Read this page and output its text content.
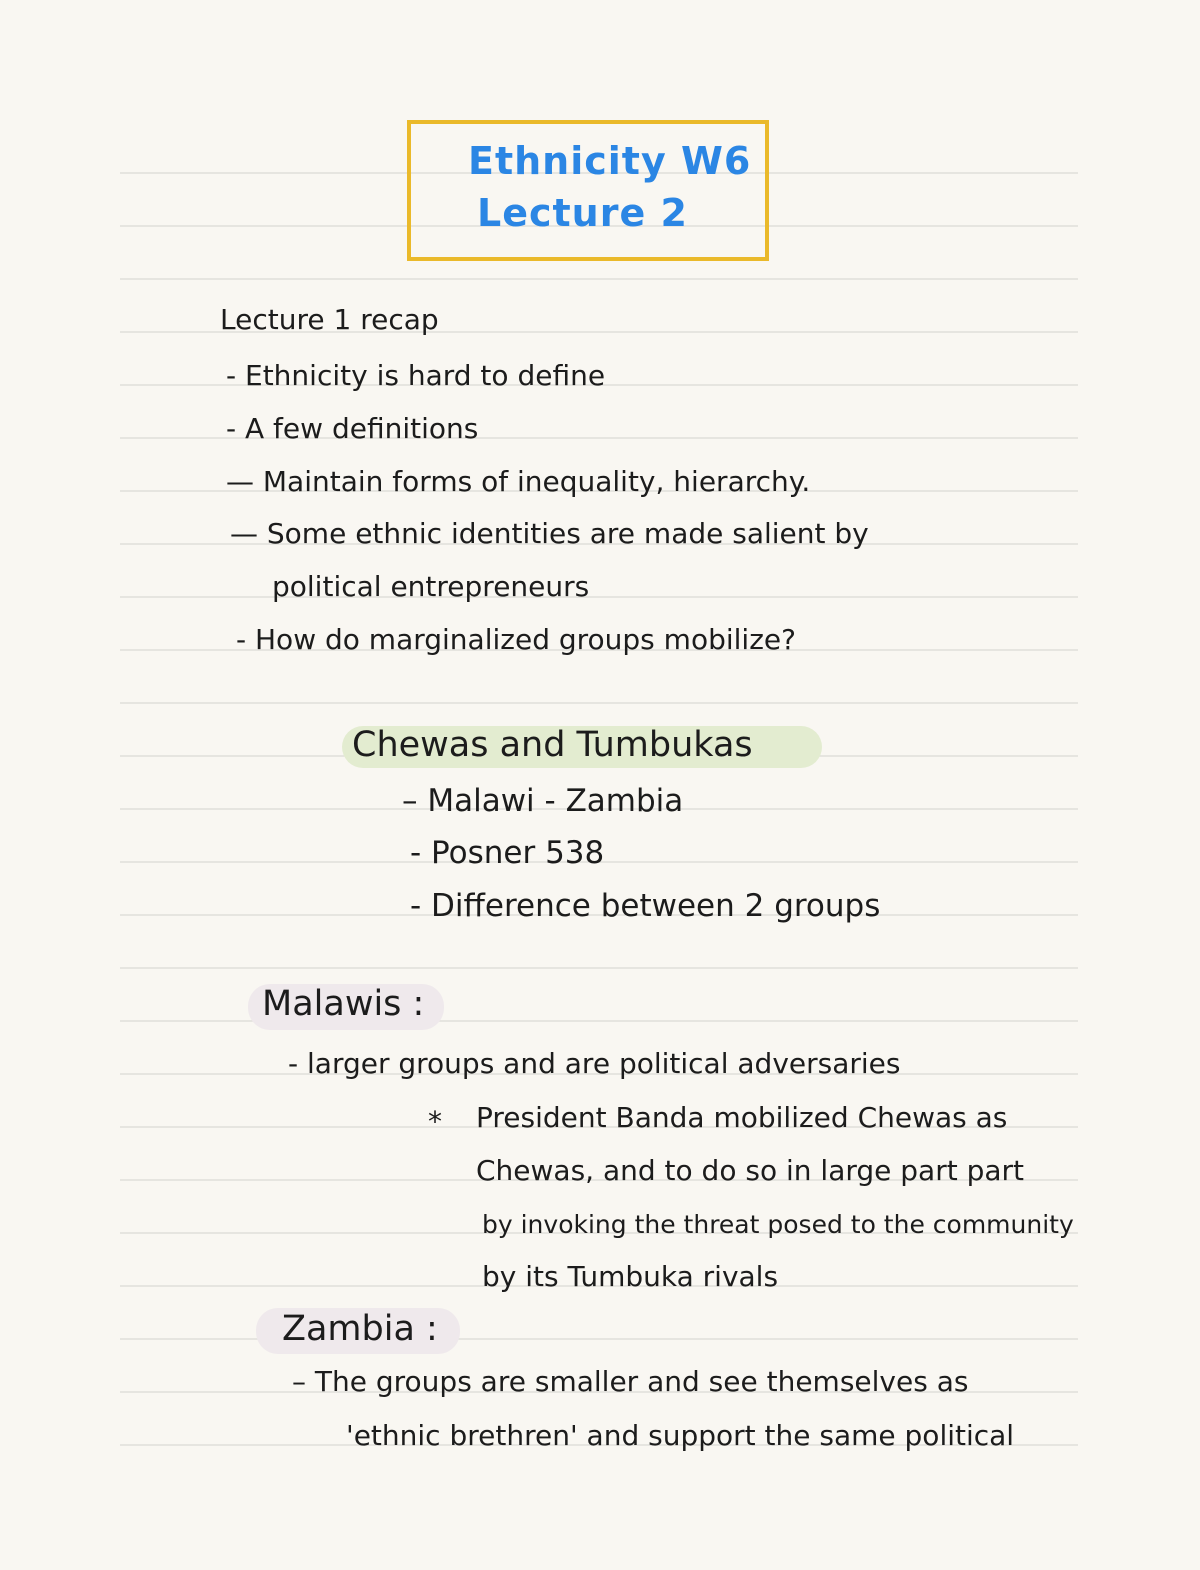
Ethnicity W6
Lecture 2
Lecture 1 recap
- Ethnicity is hard to define
- A few definitions
— Maintain forms of inequality, hierarchy.
— Some ethnic identities are made salient by
political entrepreneurs
- How do marginalized groups mobilize?
Chewas and Tumbukas
– Malawi - Zambia
- Posner 538
- Difference between 2 groups
Malawis :
- larger groups and are political adversaries
* President Banda mobilized Chewas as
Chewas, and to do so in large part part
by invoking the threat posed to the community
by its Tumbuka rivals
Zambia :
– The groups are smaller and see themselves as
'ethnic brethren' and support the same political
